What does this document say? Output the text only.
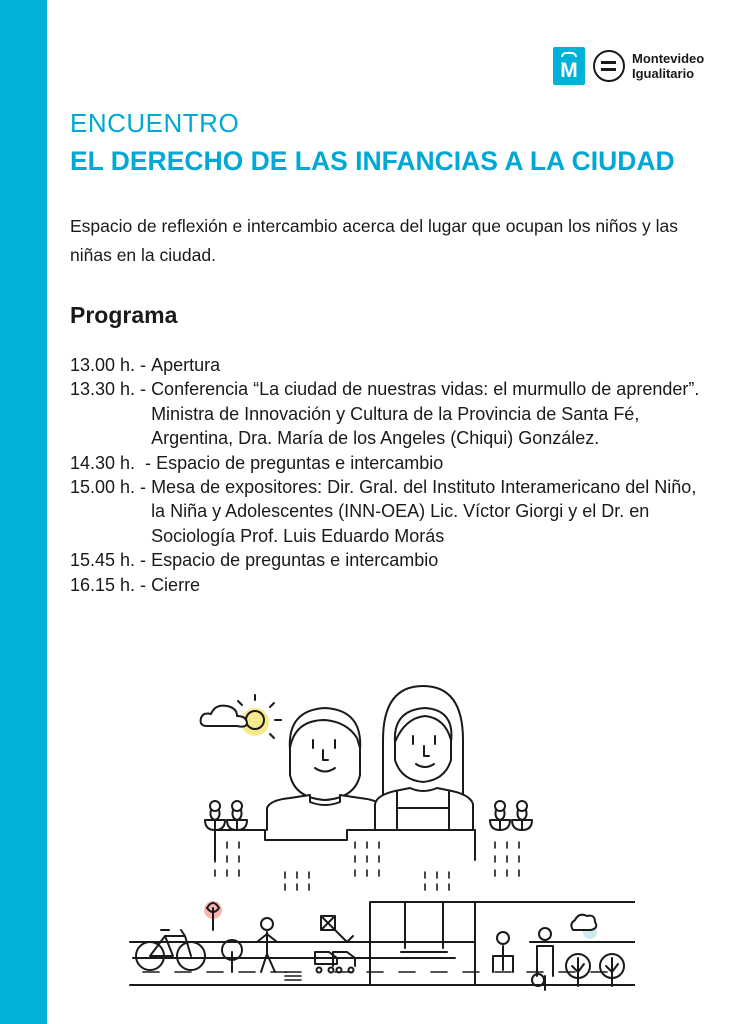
M
Montevideo
Igualitario
ENCUENTRO
EL DERECHO DE LAS INFANCIAS A LA CIUDAD
Espacio de reflexión e intercambio acerca del lugar que ocupan los niños y las niñas en la ciudad.
Programa
13.00 h. - Apertura
13.30 h. - Conferencia “La ciudad de nuestras vidas: el murmullo de aprender”. Ministra de Innovación y Cultura de la Provincia de Santa Fé, Argentina, Dra. María de los Angeles (Chiqui) González.
14.30 h.  - Espacio de preguntas e intercambio
15.00 h. - Mesa de expositores: Dir. Gral. del Instituto Interamericano del Niño, la Niña y Adolescentes (INN-OEA) Lic. Víctor Giorgi y el Dr. en Sociología Prof. Luis Eduardo Morás
15.45 h. - Espacio de preguntas e intercambio
16.15 h. - Cierre
